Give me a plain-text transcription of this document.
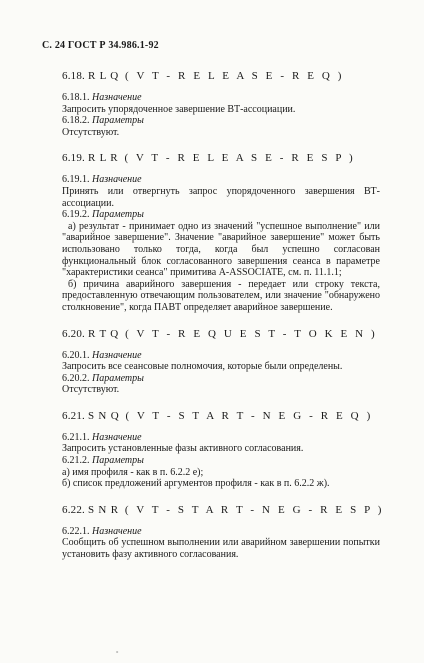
С. 24 ГОСТ Р 34.986.1-92
6.18. R L Q ( V T - R E L E A S E - R E Q )

6.18.1. Назначение

Запросить упорядоченное завершение ВТ-ассоциации.

6.18.2. Параметры

Отсутствуют.

6.19. R L R ( V T - R E L E A S E - R E S P )

6.19.1. Назначение

Принять или отвергнуть запрос упорядоченного завершения ВТ-ассоциации.

6.19.2. Параметры

а) результат - принимает одно из значений "успешное выполнение" или "аварийное завершение". Значение "аварийное завершение" может быть использовано только тогда, когда был успешно согласован функциональный блок согласованного завершения сеанса в параметре "характеристики сеанса" примитива A-ASSOCIATE, см. п. 11.1.1;

б) причина аварийного завершения - передает или строку текста, предоставленную отвечающим пользователем, или значение "обнаружено столкновение", когда ПАВТ определяет аварийное завершение.

6.20. R T Q ( V T - R E Q U E S T - T O K E N )

6.20.1. Назначение

Запросить все сеансовые полномочия, которые были определены.

6.20.2. Параметры

Отсутствуют.

6.21. S N Q ( V T - S T A R T - N E G - R E Q )

6.21.1. Назначение

Запросить установленные фазы активного согласования.

6.21.2. Параметры

а) имя профиля - как в п. 6.2.2 е);

б) список предложений аргументов профиля - как в п. 6.2.2 ж).

6.22. S N R ( V T - S T A R T - N E G - R E S P )

6.22.1. Назначение

Сообщить об успешном выполнении или аварийном завершении попытки установить фазу активного согласования.

°
